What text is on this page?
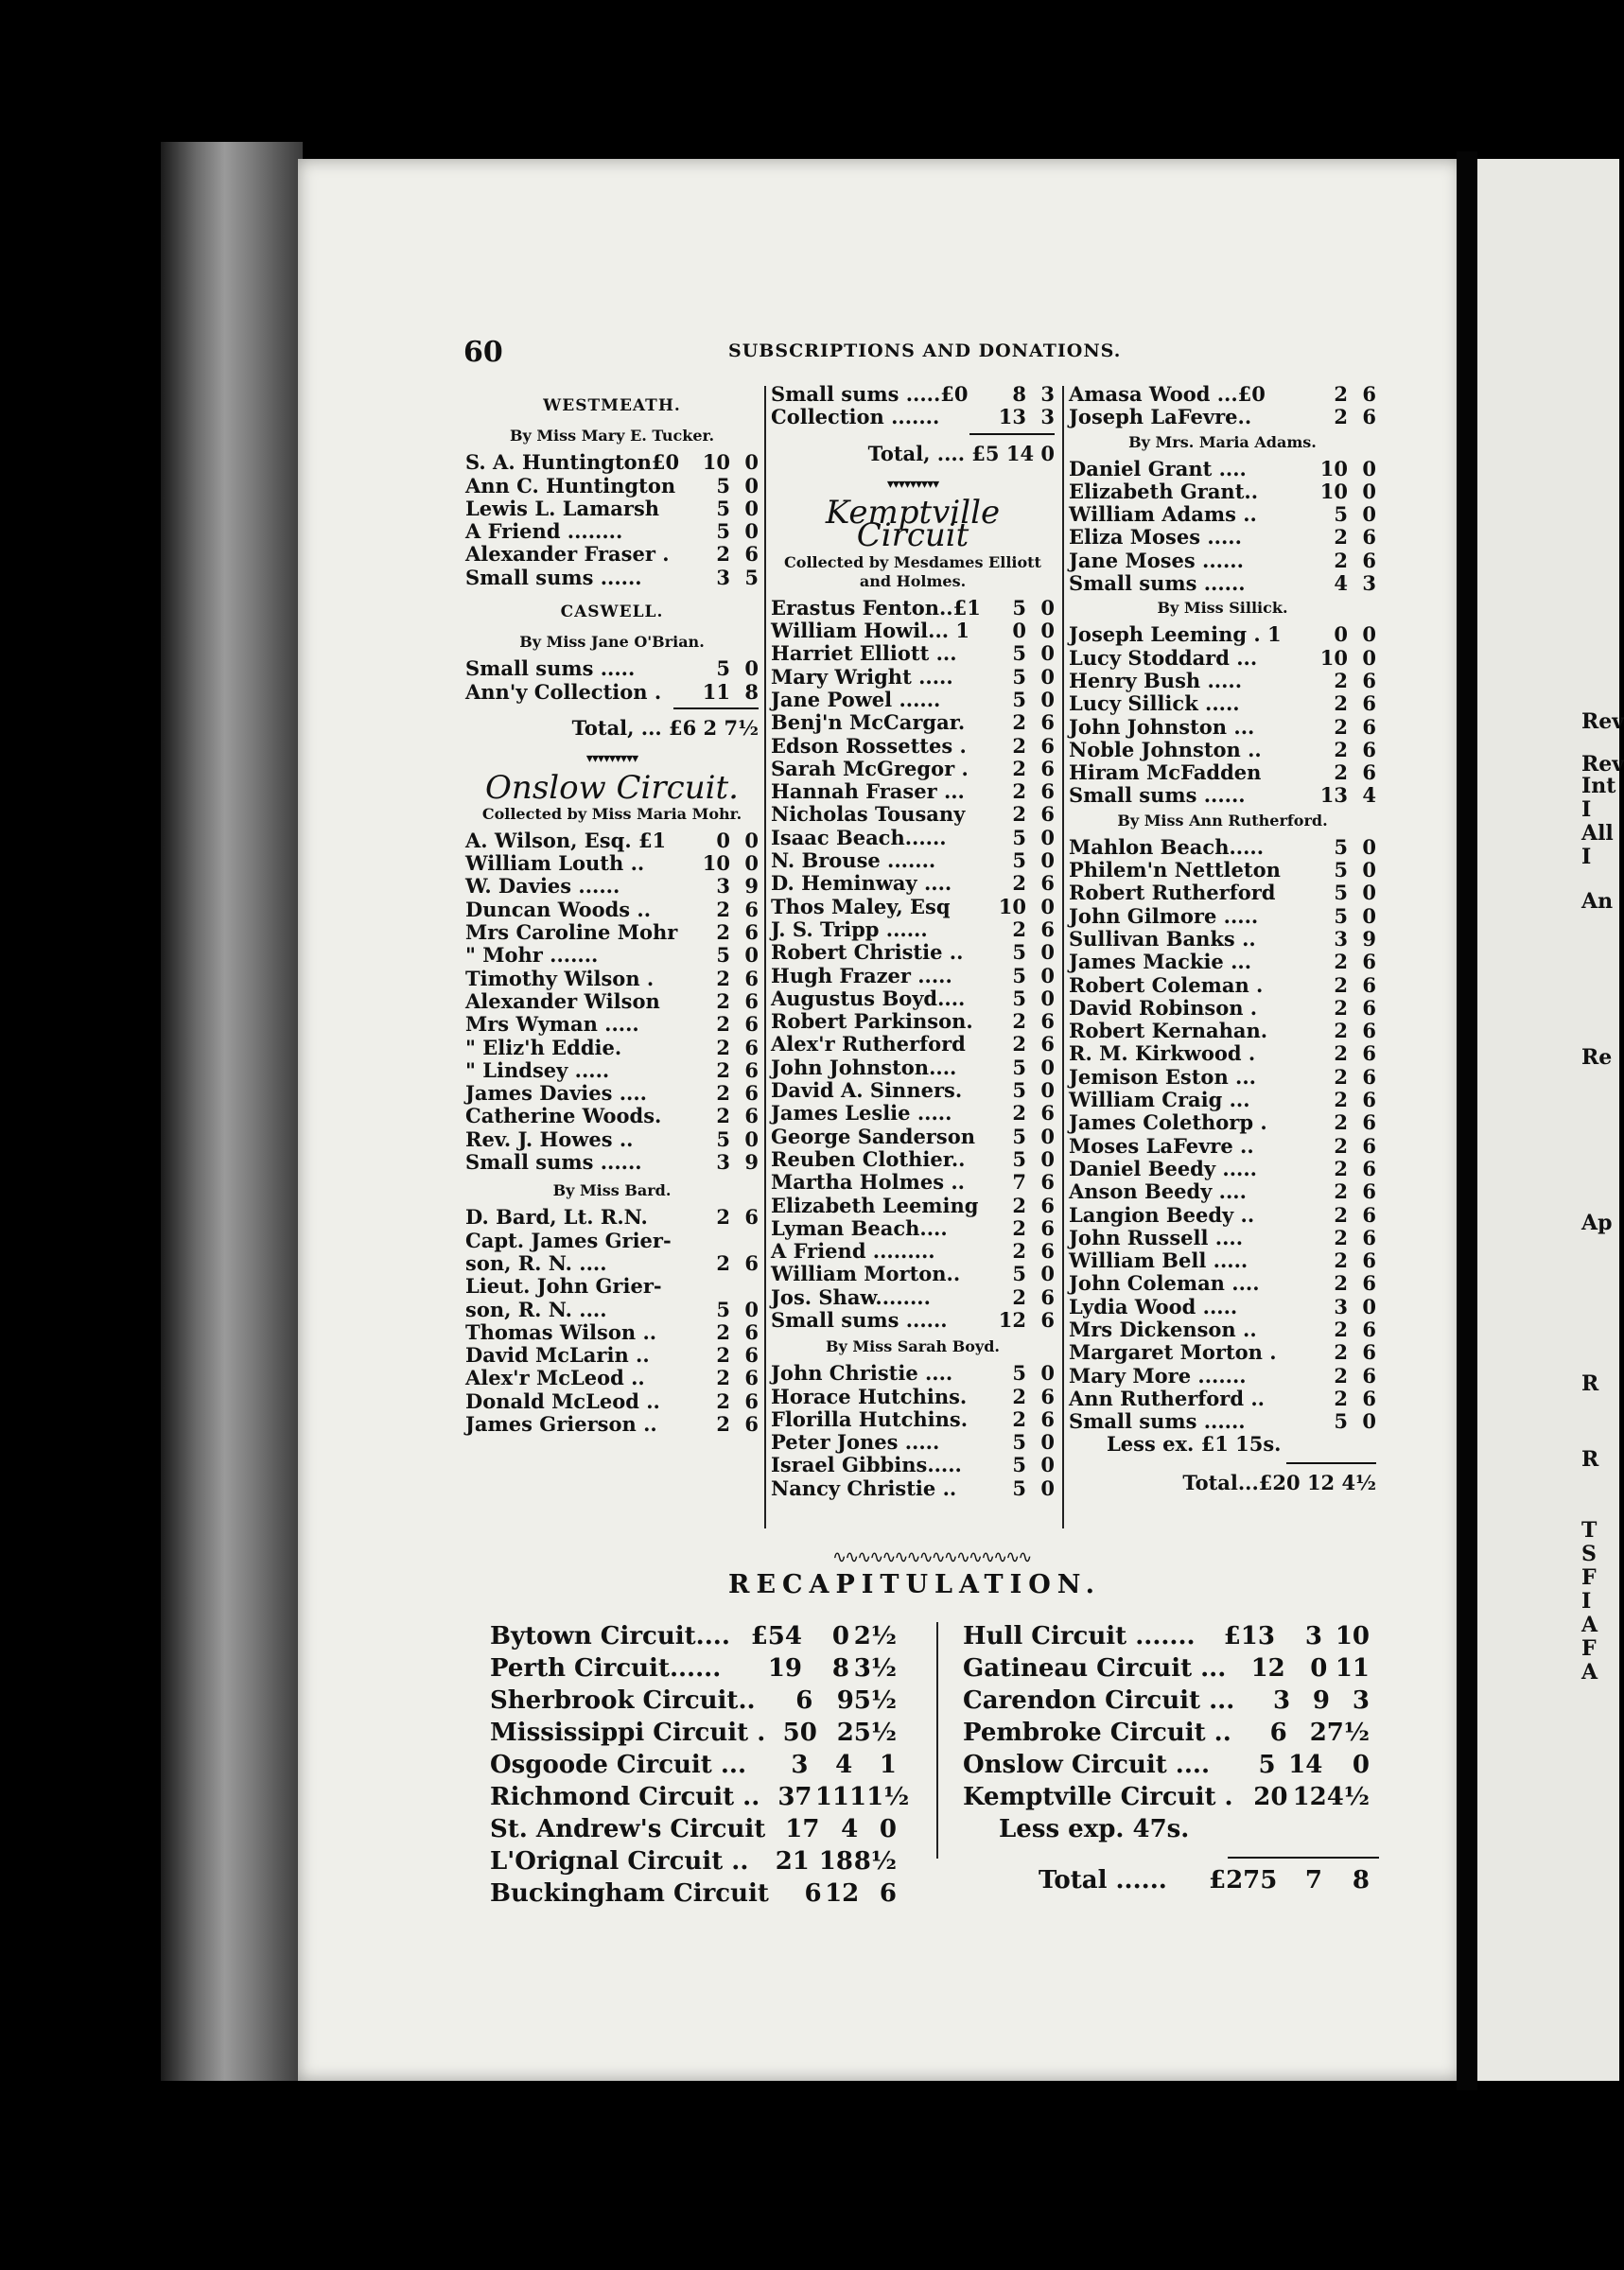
Rev
Rev
Int
I
All
I
An
Re
Ap
R
R
T
S
F
I
A
F
A
60	SUBSCRIPTIONS AND DONATIONS.
WESTMEATH.
By Miss Mary E. Tucker.
S. A. Huntington£0	10 0
Ann C. Huntington	5 0
Lewis L. Lamarsh	5 0
A Friend ........	5 0
Alexander Fraser .	2 6
Small sums ......	3 5
CASWELL.
By Miss Jane O'Brian.
Small sums .....	5 0
Ann'y Collection .	11 8
Total, ... £6 2 7½
▾▾▾▾▾▾▾▾▾
Onslow Circuit.
Collected by Miss Maria Mohr.
A. Wilson, Esq. £1	0 0
William Louth ..	10 0
W. Davies ......	3 9
Duncan Woods ..	2 6
Mrs Caroline Mohr	2 6
" Mohr .......	5 0
Timothy Wilson .	2 6
Alexander Wilson	2 6
Mrs Wyman .....	2 6
" Eliz'h Eddie.	2 6
" Lindsey .....	2 6
James Davies ....	2 6
Catherine Woods.	2 6
Rev. J. Howes ..	5 0
Small sums ......	3 9
By Miss Bard.
D. Bard, Lt. R.N.	2 6
Capt. James Grier-
son, R. N. ....	2 6
Lieut. John Grier-
son, R. N. ....	5 0
Thomas Wilson ..	2 6
David McLarin ..	2 6
Alex'r McLeod ..	2 6
Donald McLeod ..	2 6
James Grierson ..	2 6
Small sums .....£0	8 3
Collection .......	13 3
Total, .... £5 14 0
▾▾▾▾▾▾▾▾▾
Kemptville Circuit
Collected by Mesdames Elliott and Holmes.
Erastus Fenton..£1	5 0
William Howil... 1	0 0
Harriet Elliott ...	5 0
Mary Wright .....	5 0
Jane Powel ......	5 0
Benj'n McCargar.	2 6
Edson Rossettes .	2 6
Sarah McGregor .	2 6
Hannah Fraser ...	2 6
Nicholas Tousany	2 6
Isaac Beach......	5 0
N. Brouse .......	5 0
D. Heminway ....	2 6
Thos Maley, Esq	10 0
J. S. Tripp ......	2 6
Robert Christie ..	5 0
Hugh Frazer .....	5 0
Augustus Boyd....	5 0
Robert Parkinson.	2 6
Alex'r Rutherford	2 6
John Johnston....	5 0
David A. Sinners.	5 0
James Leslie .....	2 6
George Sanderson	5 0
Reuben Clothier..	5 0
Martha Holmes ..	7 6
Elizabeth Leeming	2 6
Lyman Beach....	2 6
A Friend .........	2 6
William Morton..	5 0
Jos. Shaw........	2 6
Small sums ......	12 6
By Miss Sarah Boyd.
John Christie ....	5 0
Horace Hutchins.	2 6
Florilla Hutchins.	2 6
Peter Jones .....	5 0
Israel Gibbins.....	5 0
Nancy Christie ..	5 0
Amasa Wood ...£0	2 6
Joseph LaFevre..	2 6
By Mrs. Maria Adams.
Daniel Grant ....	10 0
Elizabeth Grant..	10 0
William Adams ..	5 0
Eliza Moses .....	2 6
Jane Moses ......	2 6
Small sums ......	4 3
By Miss Sillick.
Joseph Leeming . 1	0 0
Lucy Stoddard ...	10 0
Henry Bush .....	2 6
Lucy Sillick .....	2 6
John Johnston ...	2 6
Noble Johnston ..	2 6
Hiram McFadden	2 6
Small sums ......	13 4
By Miss Ann Rutherford.
Mahlon Beach.....	5 0
Philem'n Nettleton	5 0
Robert Rutherford	5 0
John Gilmore .....	5 0
Sullivan Banks ..	3 9
James Mackie ...	2 6
Robert Coleman .	2 6
David Robinson .	2 6
Robert Kernahan.	2 6
R. M. Kirkwood .	2 6
Jemison Eston ...	2 6
William Craig ...	2 6
James Colethorp .	2 6
Moses LaFevre ..	2 6
Daniel Beedy .....	2 6
Anson Beedy ....	2 6
Langion Beedy ..	2 6
John Russell ....	2 6
William Bell .....	2 6
John Coleman ....	2 6
Lydia Wood .....	3 0
Mrs Dickenson ..	2 6
Margaret Morton .	2 6
Mary More .......	2 6
Ann Rutherford ..	2 6
Small sums ......	5 0
Less ex. £1 15s.
Total...£20 12 4½
∿∿∿∿∿∿∿∿∿∿∿∿∿∿∿∿
RECAPITULATION.
Bytown Circuit.... £54	0 2½
Perth Circuit......	19	8 3½
Sherbrook Circuit..	6 9 5½
Mississippi Circuit . 50 2 5½
Osgoode Circuit ...	3	4	1
Richmond Circuit .. 37 11 11½
St. Andrew's Circuit 17 4 0
L'Orignal Circuit ..	21 18 8½
Buckingham Circuit	6 12 6
Hull Circuit .......	£13	3 10
Gatineau Circuit ...	12	0 11
Carendon Circuit ...	3 9 3
Pembroke Circuit ..	6 2 7½
Onslow Circuit ....	5 14	0
Kemptville Circuit . 20 12 4½
Less exp. 47s.
Total ......	£275	7	8
